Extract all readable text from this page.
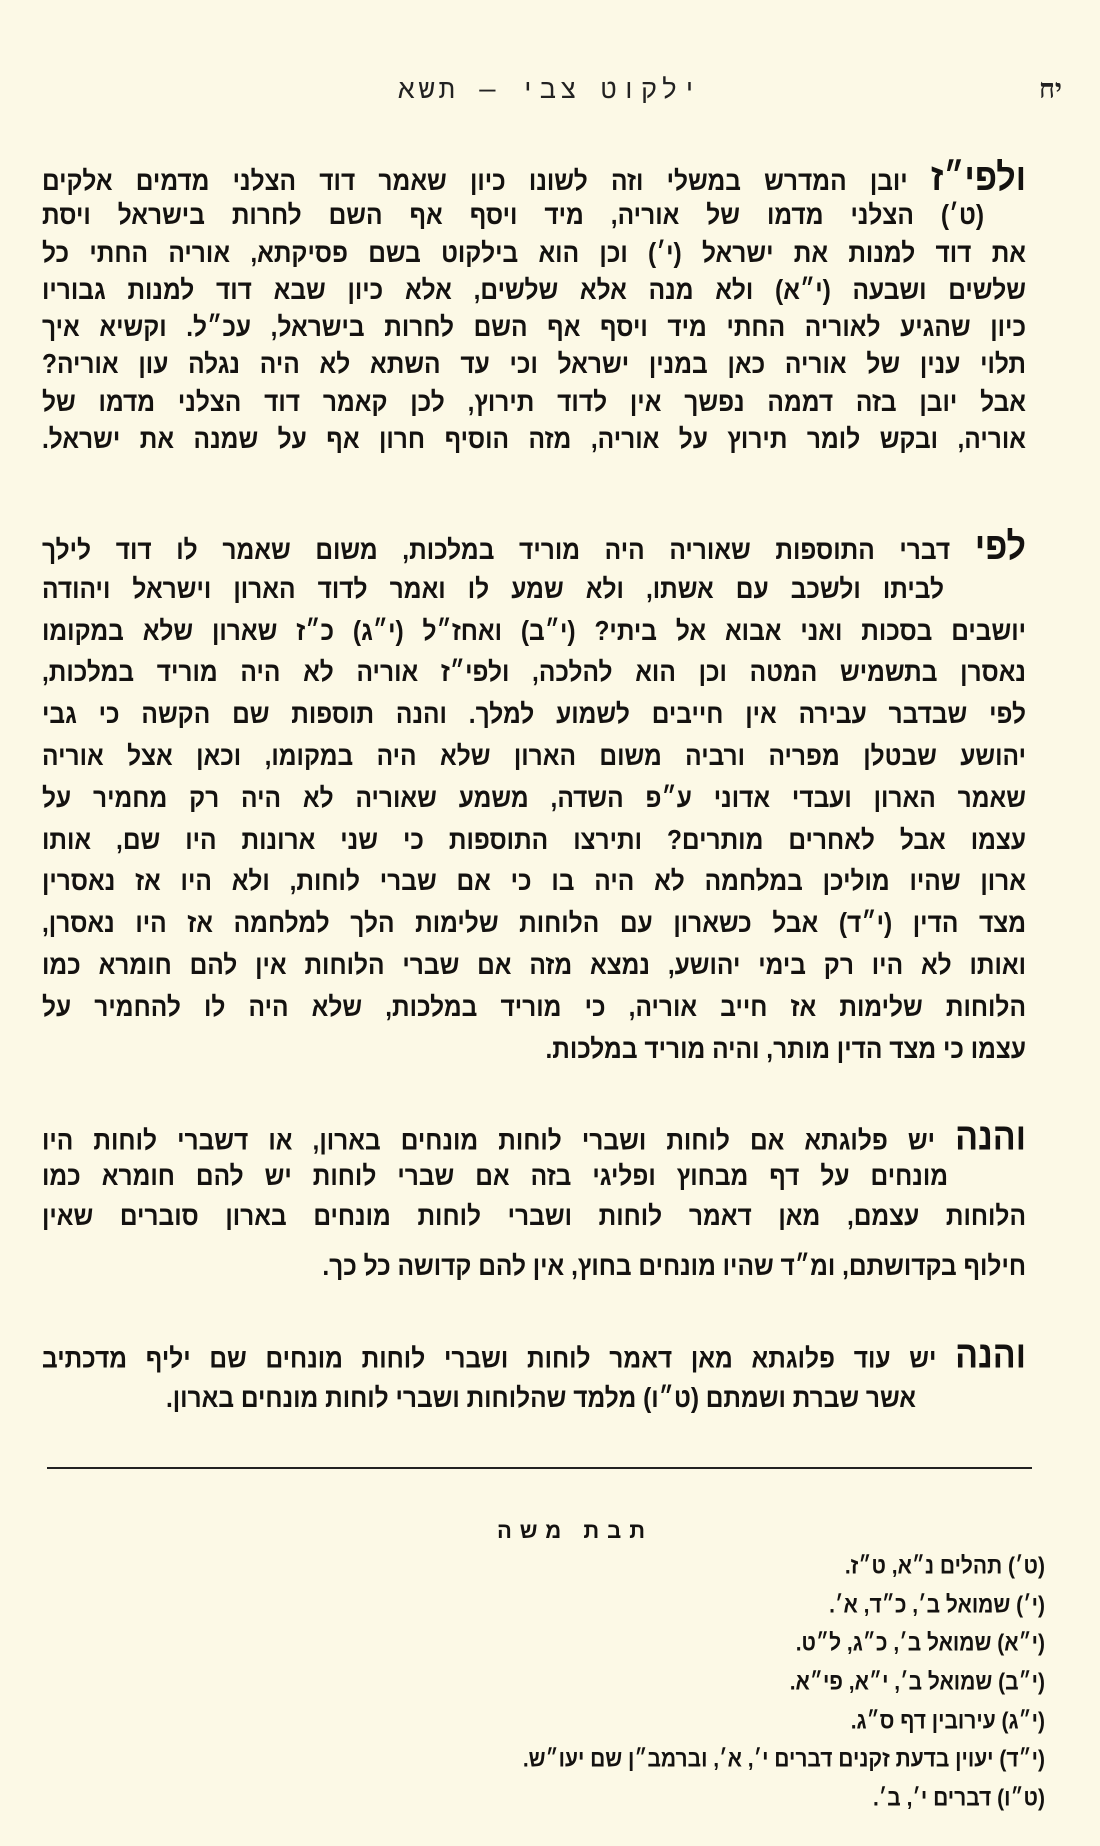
ילקוט צבי — תשא	יח
ולפי״ז יובן המדרש במשלי וזה לשונו כיון שאמר דוד הצלני מדמים אלקים
(ט׳) הצלני מדמו של אוריה, מיד ויסף אף השם לחרות בישראל ויסת
את דוד למנות את ישראל (י׳) וכן הוא בילקוט בשם פסיקתא, אוריה החתי כל
שלשים ושבעה (י״א) ולא מנה אלא שלשים, אלא כיון שבא דוד למנות גבוריו
כיון שהגיע לאוריה החתי מיד ויסף אף השם לחרות בישראל, עכ״ל. וקשיא איך
תלוי ענין של אוריה כאן במנין ישראל וכי עד השתא לא היה נגלה עון אוריה?
אבל יובן בזה דממה נפשך אין לדוד תירוץ, לכן קאמר דוד הצלני מדמו של
אוריה, ובקש לומר תירוץ על אוריה, מזה הוסיף חרון אף על שמנה את ישראל.
לפי דברי התוספות שאוריה היה מוריד במלכות, משום שאמר לו דוד לילך
לביתו ולשכב עם אשתו, ולא שמע לו ואמר לדוד הארון וישראל ויהודה
יושבים בסכות ואני אבוא אל ביתי? (י״ב) ואחז״ל (י״ג) כ״ז שארון שלא במקומו
נאסרן בתשמיש המטה וכן הוא להלכה, ולפי״ז אוריה לא היה מוריד במלכות,
לפי שבדבר עבירה אין חייבים לשמוע למלך. והנה תוספות שם הקשה כי גבי
יהושע שבטלן מפריה ורביה משום הארון שלא היה במקומו, וכאן אצל אוריה
שאמר הארון ועבדי אדוני ע״פ השדה, משמע שאוריה לא היה רק מחמיר על
עצמו אבל לאחרים מותרים? ותירצו התוספות כי שני ארונות היו שם, אותו
ארון שהיו מוליכן במלחמה לא היה בו כי אם שברי לוחות, ולא היו אז נאסרין
מצד הדין (י״ד) אבל כשארון עם הלוחות שלימות הלך למלחמה אז היו נאסרן,
ואותו לא היו רק בימי יהושע, נמצא מזה אם שברי הלוחות אין להם חומרא כמו
הלוחות שלימות אז חייב אוריה, כי מוריד במלכות, שלא היה לו להחמיר על
עצמו כי מצד הדין מותר, והיה מוריד במלכות.
והנה יש פלוגתא אם לוחות ושברי לוחות מונחים בארון, או דשברי לוחות היו
מונחים על דף מבחוץ ופליגי בזה אם שברי לוחות יש להם חומרא כמו
הלוחות עצמם, מאן דאמר לוחות ושברי לוחות מונחים בארון סוברים שאין
חילוף בקדושתם, ומ״ד שהיו מונחים בחוץ, אין להם קדושה כל כך.
והנה יש עוד פלוגתא מאן דאמר לוחות ושברי לוחות מונחים שם יליף מדכתיב
אשר שברת ושמתם (ט״ו) מלמד שהלוחות ושברי לוחות מונחים בארון.
תבת משה
(ט׳) תהלים נ״א, ט״ז.
(י׳) שמואל ב׳, כ״ד, א׳.
(י״א) שמואל ב׳, כ״ג, ל״ט.
(י״ב) שמואל ב׳, י״א, פי״א.
(י״ג) עירובין דף ס״ג.
(י״ד) יעוין בדעת זקנים דברים י׳, א׳, וברמב״ן שם יעו״ש.
(ט״ו) דברים י׳, ב׳.
